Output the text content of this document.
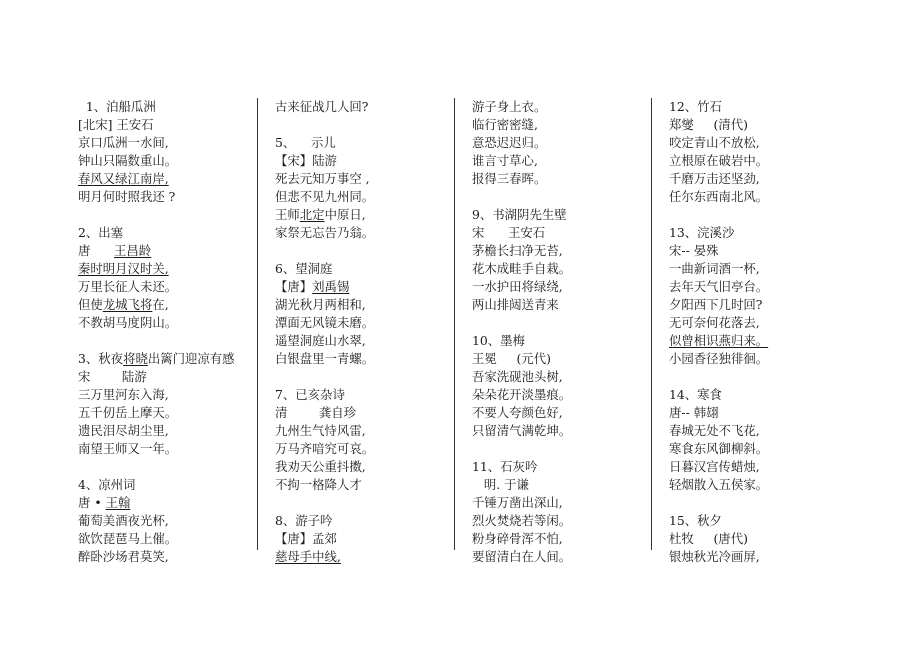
1、泊船瓜洲
[北宋] 王安石
京口瓜洲一水间,
钟山只隔数重山。
春风又绿江南岸,
明月何时照我还 ?
2、出塞
唐      王昌龄
秦时明月汉时关,
万里长征人未还。
但使龙城飞将在,
不教胡马度阴山。
3、秋夜将晓出篱门迎凉有感
宋        陆游
三万里河东入海,
五千仞岳上摩天。
遗民泪尽胡尘里,
南望王师又一年。
4、凉州词
唐 • 王翰
葡萄美酒夜光杯,
欲饮琵琶马上催。
醉卧沙场君莫笑,
古来征战几人回?
5、    示儿
【宋】陆游
死去元知万事空 ,
但悲不见九州同。
王师北定中原日,
家祭无忘告乃翁。
6、望洞庭
【唐】刘禹锡
湖光秋月两相和,
潭面无风镜未磨。
遥望洞庭山水翠,
白银盘里一青螺。
7、已亥杂诗
清        龚自珍
九州生气恃风雷,
万马齐喑究可哀。
我劝天公重抖擞,
不拘一格降人才
8、游子吟
【唐】孟郊
慈母手中线,
游子身上衣。
临行密密缝,
意恐迟迟归。
谁言寸草心,
报得三春晖。
9、书湖阴先生壁
宋      王安石
茅檐长扫净无苔,
花木成畦手自栽。
一水护田将绿绕,
两山排闼送青来
10、墨梅
王冕     (元代)
吾家洗砚池头树,
朵朵花开淡墨痕。
不要人夸颜色好,
只留清气满乾坤。
11、石灰吟
明. 于谦
千锤万凿出深山,
烈火焚烧若等闲。
粉身碎骨浑不怕,
要留清白在人间。
12、竹石
郑燮     (清代)
咬定青山不放松,
立根原在破岩中。
千磨万击还坚劲,
任尔东西南北风。
13、浣溪沙
宋-- 晏殊
一曲新词酒一杯,
去年天气旧亭台。
夕阳西下几时回?
无可奈何花落去,
似曾相识燕归来。
小园香径独徘徊。
14、寒食
唐-- 韩翃
春城无处不飞花,
寒食东风御柳斜。
日暮汉宫传蜡烛,
轻烟散入五侯家。
15、秋夕
杜牧     (唐代)
银烛秋光冷画屏,
